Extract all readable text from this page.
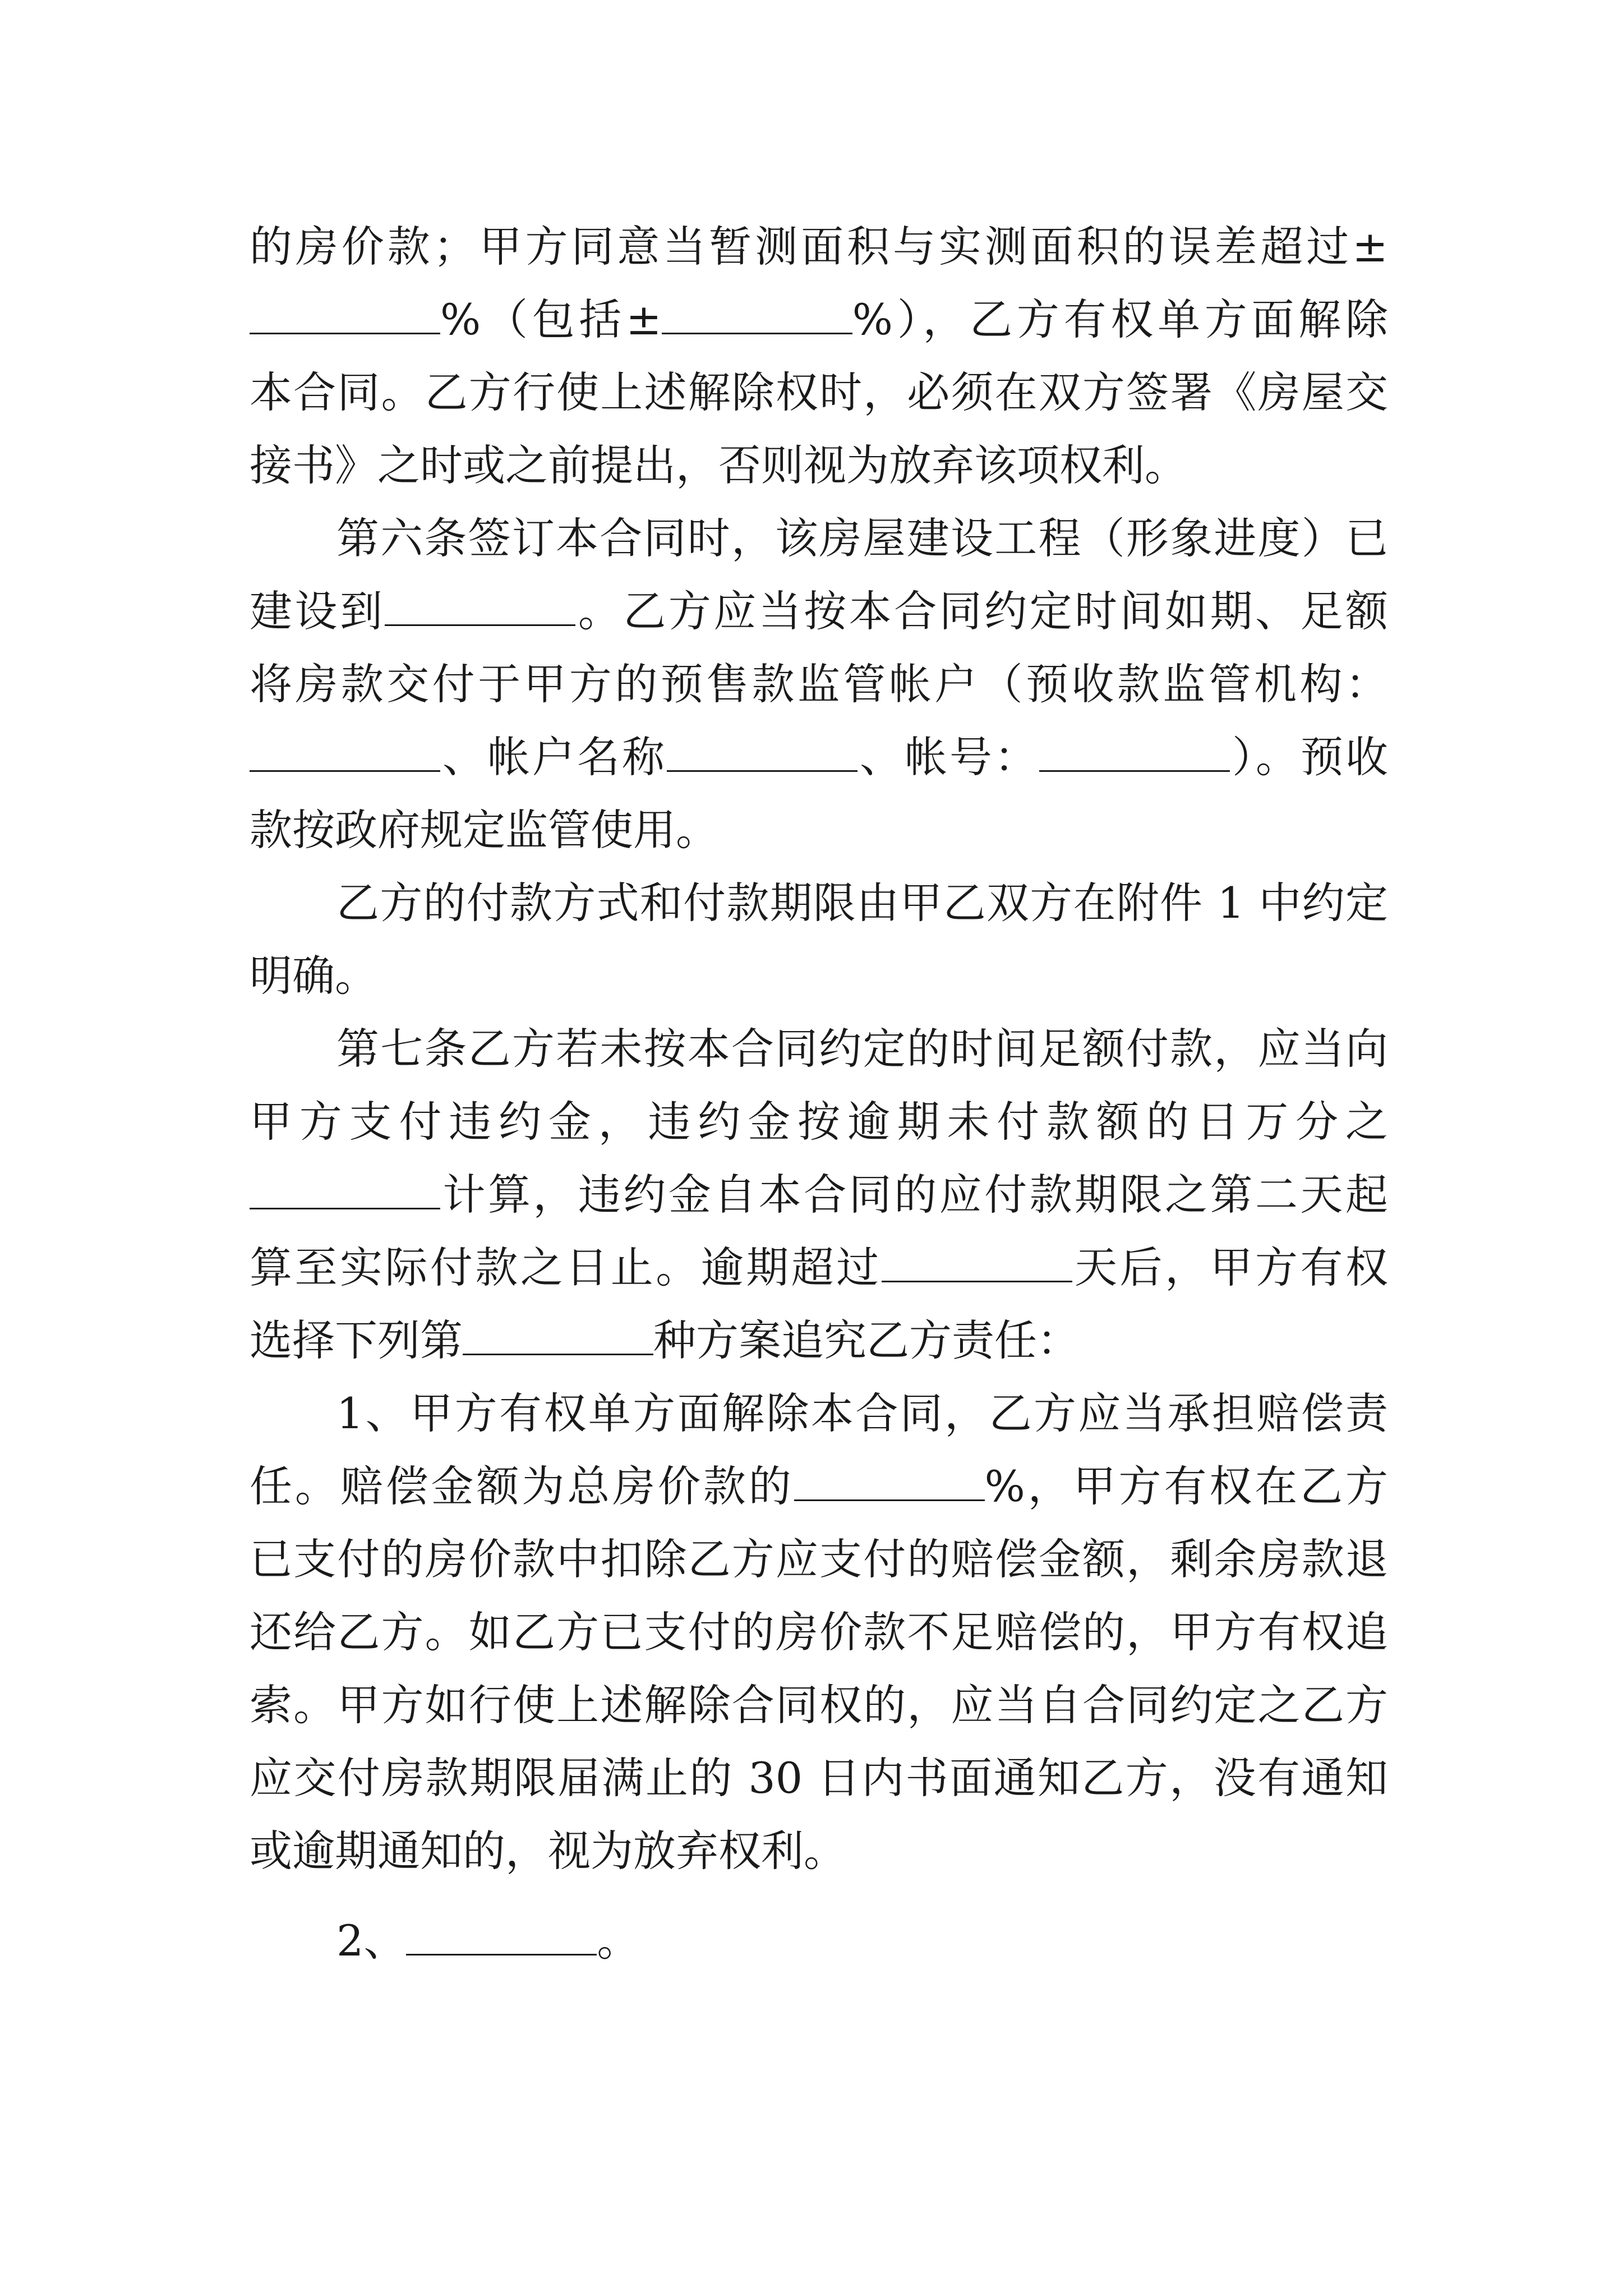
的房价款；甲方同意当暂测面积与实测面积的误差超过±
%（包括±	%），乙方有权单方面解除
本合同。乙方行使上述解除权时，必须在双方签署《房屋交
接书》之时或之前提出，否则视为放弃该项权利。
第六条签订本合同时，该房屋建设工程（形象进度）已
建设到	。乙方应当按本合同约定时间如期、足额
将房款交付于甲方的预售款监管帐户（预收款监管机构：
、帐户名称	、帐号：	）。预收
款按政府规定监管使用。
乙方的付款方式和付款期限由甲乙双方在附件 1 中约定
明确。
第七条乙方若未按本合同约定的时间足额付款，应当向
甲方支付违约金，违约金按逾期未付款额的日万分之
计算，违约金自本合同的应付款期限之第二天起
算至实际付款之日止。逾期超过	天后，甲方有权
选择下列第	种方案追究乙方责任：
1、甲方有权单方面解除本合同，乙方应当承担赔偿责
任。赔偿金额为总房价款的	%，甲方有权在乙方
已支付的房价款中扣除乙方应支付的赔偿金额，剩余房款退
还给乙方。如乙方已支付的房价款不足赔偿的，甲方有权追
索。甲方如行使上述解除合同权的，应当自合同约定之乙方
应交付房款期限届满止的 30 日内书面通知乙方，没有通知
或逾期通知的，视为放弃权利。
2、	。
